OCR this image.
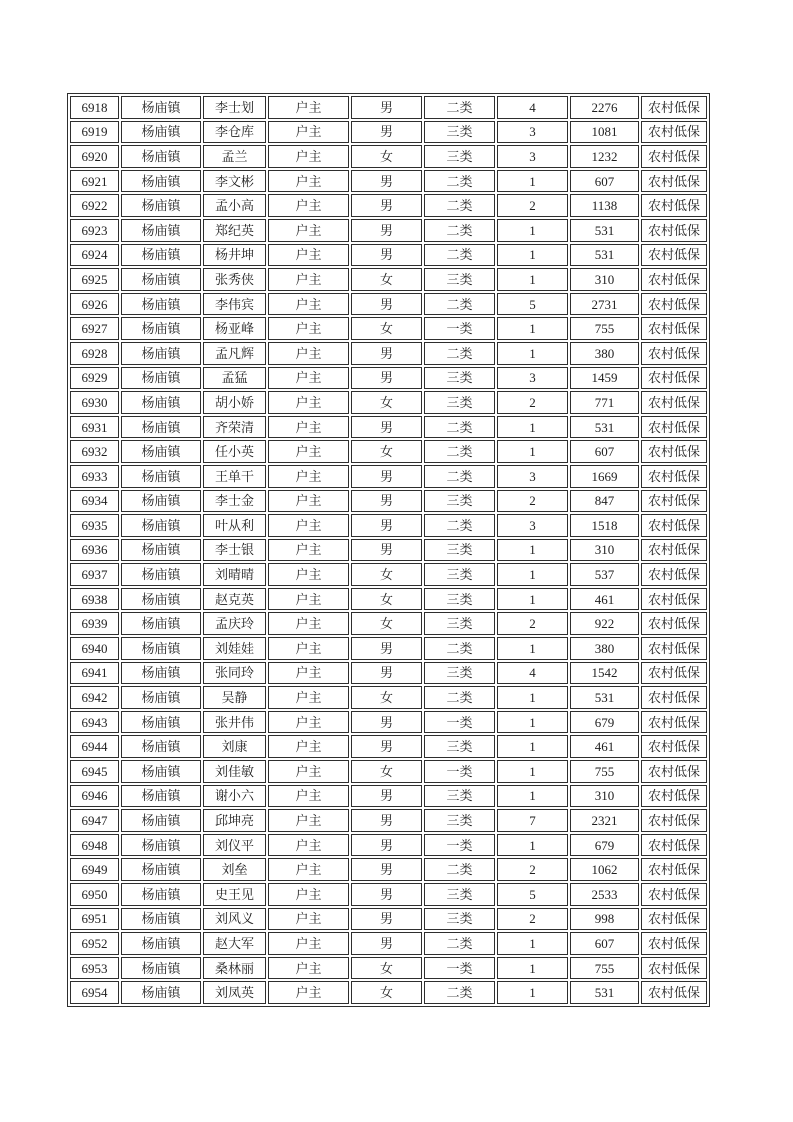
6918	杨庙镇	李士划	户主	男	二类	4	2276	农村低保
6919	杨庙镇	李仓库	户主	男	三类	3	1081	农村低保
6920	杨庙镇	孟兰	户主	女	三类	3	1232	农村低保
6921	杨庙镇	李文彬	户主	男	二类	1	607	农村低保
6922	杨庙镇	孟小高	户主	男	二类	2	1138	农村低保
6923	杨庙镇	郑纪英	户主	男	二类	1	531	农村低保
6924	杨庙镇	杨井坤	户主	男	二类	1	531	农村低保
6925	杨庙镇	张秀侠	户主	女	三类	1	310	农村低保
6926	杨庙镇	李伟宾	户主	男	二类	5	2731	农村低保
6927	杨庙镇	杨亚峰	户主	女	一类	1	755	农村低保
6928	杨庙镇	孟凡辉	户主	男	二类	1	380	农村低保
6929	杨庙镇	孟猛	户主	男	三类	3	1459	农村低保
6930	杨庙镇	胡小娇	户主	女	三类	2	771	农村低保
6931	杨庙镇	齐荣清	户主	男	二类	1	531	农村低保
6932	杨庙镇	任小英	户主	女	二类	1	607	农村低保
6933	杨庙镇	王单干	户主	男	二类	3	1669	农村低保
6934	杨庙镇	李士金	户主	男	三类	2	847	农村低保
6935	杨庙镇	叶从利	户主	男	二类	3	1518	农村低保
6936	杨庙镇	李士银	户主	男	三类	1	310	农村低保
6937	杨庙镇	刘晴晴	户主	女	三类	1	537	农村低保
6938	杨庙镇	赵克英	户主	女	三类	1	461	农村低保
6939	杨庙镇	孟庆玲	户主	女	三类	2	922	农村低保
6940	杨庙镇	刘娃娃	户主	男	二类	1	380	农村低保
6941	杨庙镇	张同玲	户主	男	三类	4	1542	农村低保
6942	杨庙镇	吴静	户主	女	二类	1	531	农村低保
6943	杨庙镇	张井伟	户主	男	一类	1	679	农村低保
6944	杨庙镇	刘康	户主	男	三类	1	461	农村低保
6945	杨庙镇	刘佳敏	户主	女	一类	1	755	农村低保
6946	杨庙镇	谢小六	户主	男	三类	1	310	农村低保
6947	杨庙镇	邱坤亮	户主	男	三类	7	2321	农村低保
6948	杨庙镇	刘仪平	户主	男	一类	1	679	农村低保
6949	杨庙镇	刘垒	户主	男	二类	2	1062	农村低保
6950	杨庙镇	史王见	户主	男	三类	5	2533	农村低保
6951	杨庙镇	刘风义	户主	男	三类	2	998	农村低保
6952	杨庙镇	赵大军	户主	男	二类	1	607	农村低保
6953	杨庙镇	桑林丽	户主	女	一类	1	755	农村低保
6954	杨庙镇	刘凤英	户主	女	二类	1	531	农村低保
